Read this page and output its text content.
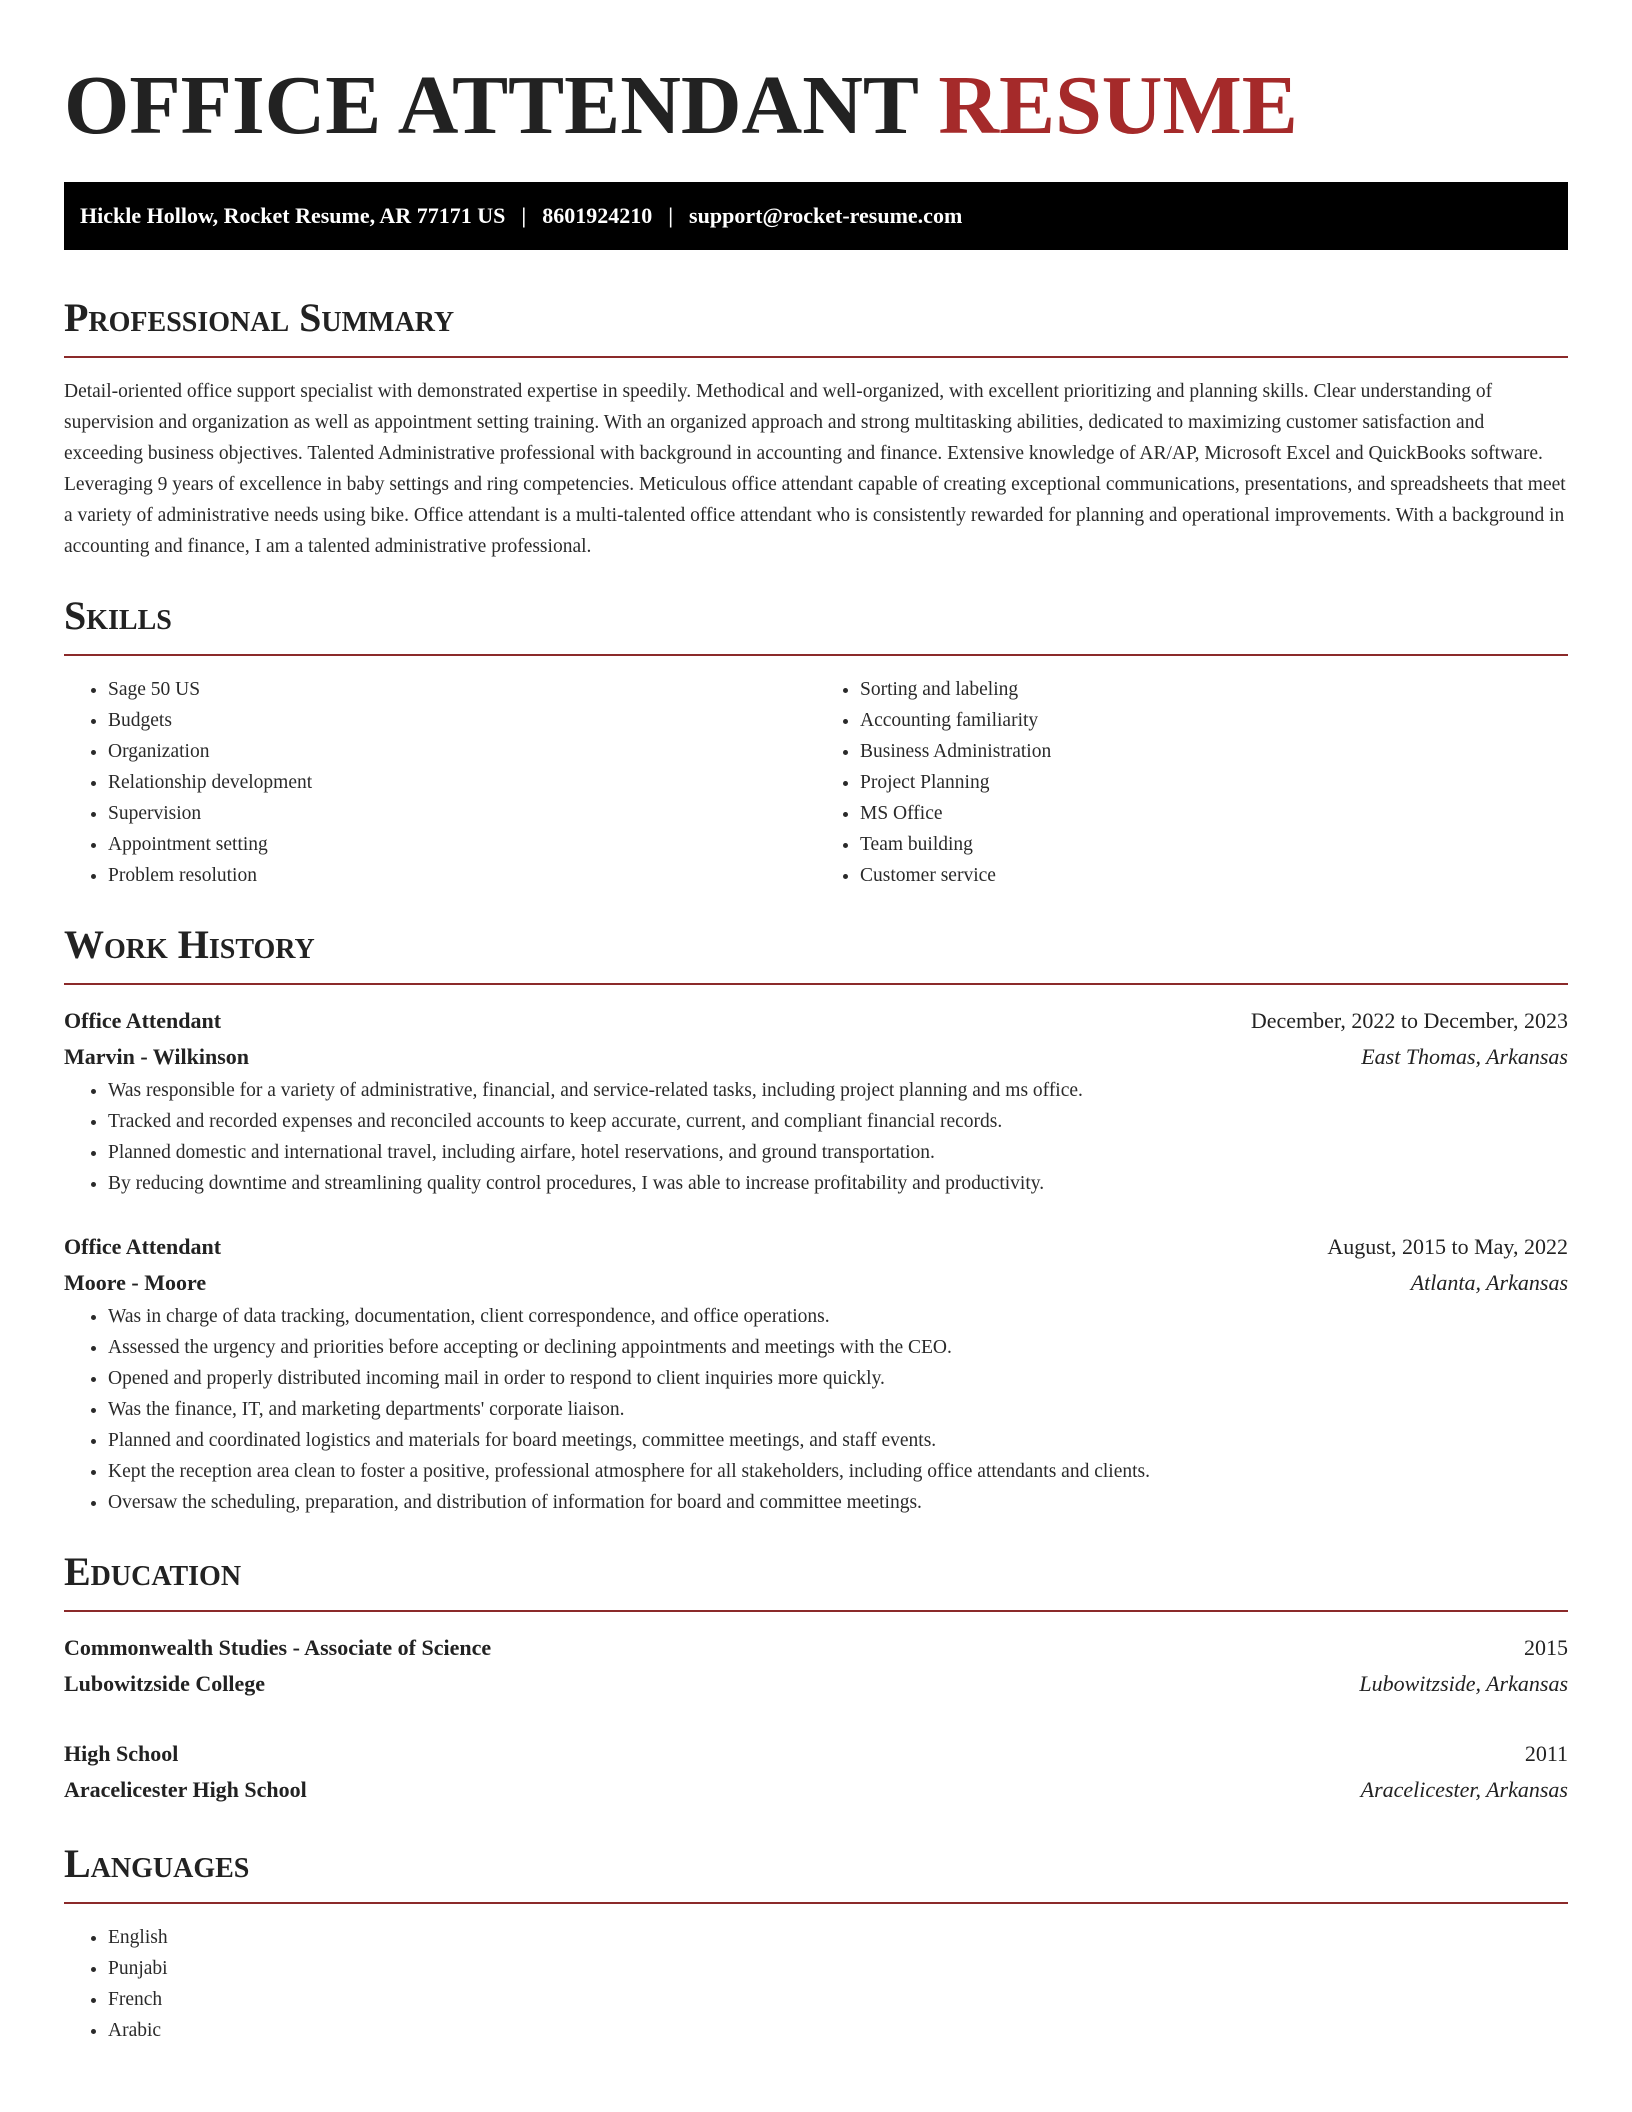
OFFICE ATTENDANT RESUME
Hickle Hollow, Rocket Resume, AR 77171 US | 8601924210 | support@rocket-resume.com
Professional Summary

Detail-oriented office support specialist with demonstrated expertise in speedily. Methodical and well-organized, with excellent prioritizing and planning skills. Clear understanding of supervision and organization as well as appointment setting training. With an organized approach and strong multitasking abilities, dedicated to maximizing customer satisfaction and exceeding business objectives. Talented Administrative professional with background in accounting and finance. Extensive knowledge of AR/AP, Microsoft Excel and QuickBooks software. Leveraging 9 years of excellence in baby settings and ring competencies. Meticulous office attendant capable of creating exceptional communications, presentations, and spreadsheets that meet a variety of administrative needs using bike. Office attendant is a multi-talented office attendant who is consistently rewarded for planning and operational improvements. With a background in accounting and finance, I am a talented administrative professional.

Skills
• Sage 50 US
• Budgets
• Organization
• Relationship development
• Supervision
• Appointment setting
• Problem resolution
• Sorting and labeling
• Accounting familiarity
• Business Administration
• Project Planning
• MS Office
• Team building
• Customer service
Work History
Office Attendant	December, 2022 to December, 2023
Marvin - Wilkinson	East Thomas, Arkansas
• Was responsible for a variety of administrative, financial, and service-related tasks, including project planning and ms office.
• Tracked and recorded expenses and reconciled accounts to keep accurate, current, and compliant financial records.
• Planned domestic and international travel, including airfare, hotel reservations, and ground transportation.
• By reducing downtime and streamlining quality control procedures, I was able to increase profitability and productivity.
Office Attendant	August, 2015 to May, 2022
Moore - Moore	Atlanta, Arkansas
• Was in charge of data tracking, documentation, client correspondence, and office operations.
• Assessed the urgency and priorities before accepting or declining appointments and meetings with the CEO.
• Opened and properly distributed incoming mail in order to respond to client inquiries more quickly.
• Was the finance, IT, and marketing departments' corporate liaison.
• Planned and coordinated logistics and materials for board meetings, committee meetings, and staff events.
• Kept the reception area clean to foster a positive, professional atmosphere for all stakeholders, including office attendants and clients.
• Oversaw the scheduling, preparation, and distribution of information for board and committee meetings.
Education
Commonwealth Studies - Associate of Science	2015
Lubowitzside College	Lubowitzside, Arkansas
High School	2011
Aracelicester High School	Aracelicester, Arkansas
Languages
• English
• Punjabi
• French
• Arabic
